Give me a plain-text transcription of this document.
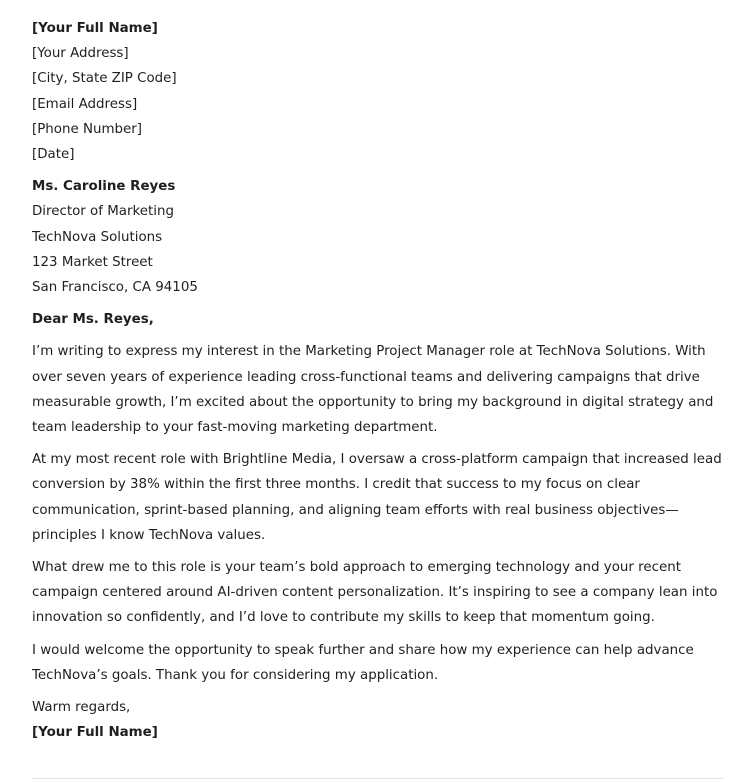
[Your Full Name]
[Your Address]
[City, State ZIP Code]
[Email Address]
[Phone Number]
[Date]
Ms. Caroline Reyes
Director of Marketing
TechNova Solutions
123 Market Street
San Francisco, CA 94105
Dear Ms. Reyes,

I’m writing to express my interest in the Marketing Project Manager role at TechNova Solutions. With over seven years of experience leading cross-functional teams and delivering campaigns that drive measurable growth, I’m excited about the opportunity to bring my background in digital strategy and team leadership to your fast-moving marketing department.

At my most recent role with Brightline Media, I oversaw a cross-platform campaign that increased lead conversion by 38% within the first three months. I credit that success to my focus on clear communication, sprint-based planning, and aligning team efforts with real business objectives—principles I know TechNova values.

What drew me to this role is your team’s bold approach to emerging technology and your recent campaign centered around AI-driven content personalization. It’s inspiring to see a company lean into innovation so confidently, and I’d love to contribute my skills to keep that momentum going.

I would welcome the opportunity to speak further and share how my experience can help advance TechNova’s goals. Thank you for considering my application.

Warm regards,
[Your Full Name]
